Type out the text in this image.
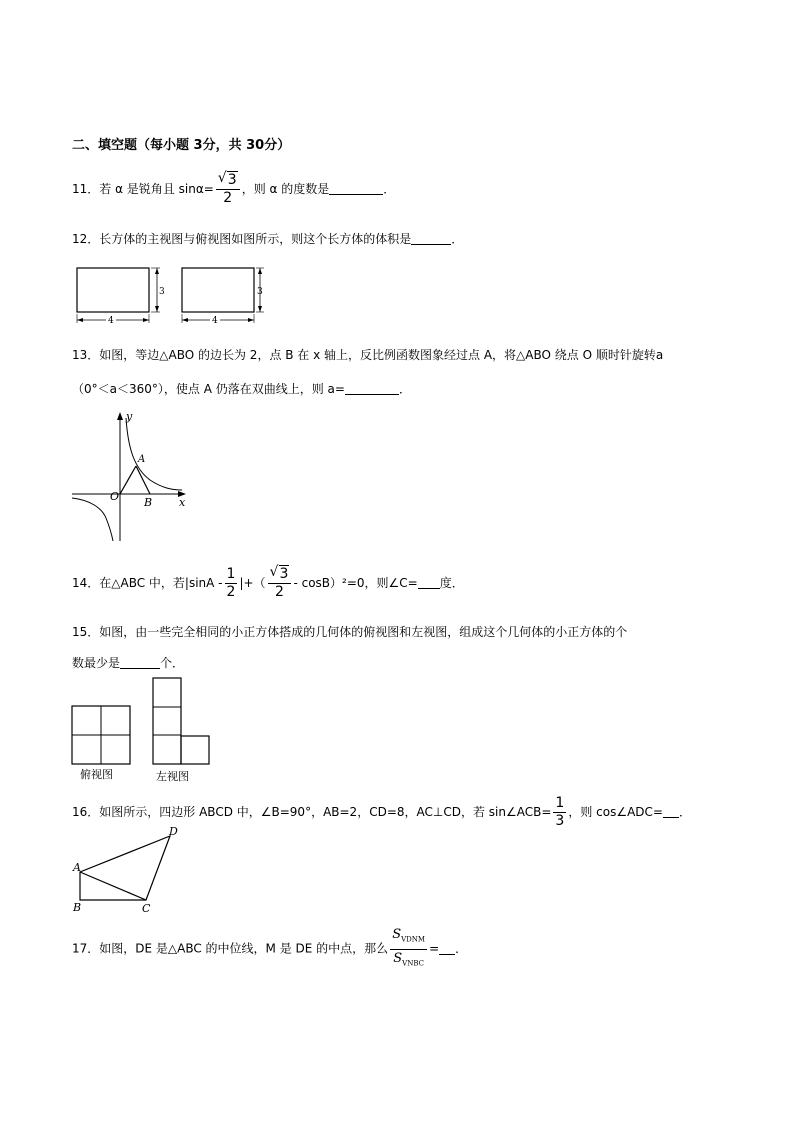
二、填空题（每小题 3分，共 30分）
11．若 α 是锐角且 $\sin\alpha= \frac{√ 3}{2}$ ，则 α 的度数是	．
12．长方体的主视图与俯视图如图所示，则这个长方体的体积是	．
3
4
3
4
13．如图，等边△ABO 的边长为 2，点 B 在 x 轴上，反比例函数图象经过点 A，将△ABO 绕点 O 顺时针旋转a
（0°＜a＜360°），使点 A 仍落在双曲线上，则 a=	．
y
x
A
O B
14．在△ABC 中，若$|\sin A - \frac{1}{2}$ |+（ $\frac{√ 3}{2} - \cos B)^2=0$，则∠C= 度．
15．如图，由一些完全相同的小正方体搭成的几何体的俯视图和左视图，组成这个几何体的小正方体的个
数最少是	个．
俯视图	左视图
16．如图所示，四边形 ABCD 中，∠B=90°，AB=2，CD=8，AC⊥CD，若 sin∠ACB= $\frac{1}{3}$ ，则 cos∠ADC= ．
A
B	C
D
17．如图，DE 是△ABC 的中位线，M 是 DE 的中点，那么 $\frac{S_{VDNM}}{S_{VNBC}}$ = ．
